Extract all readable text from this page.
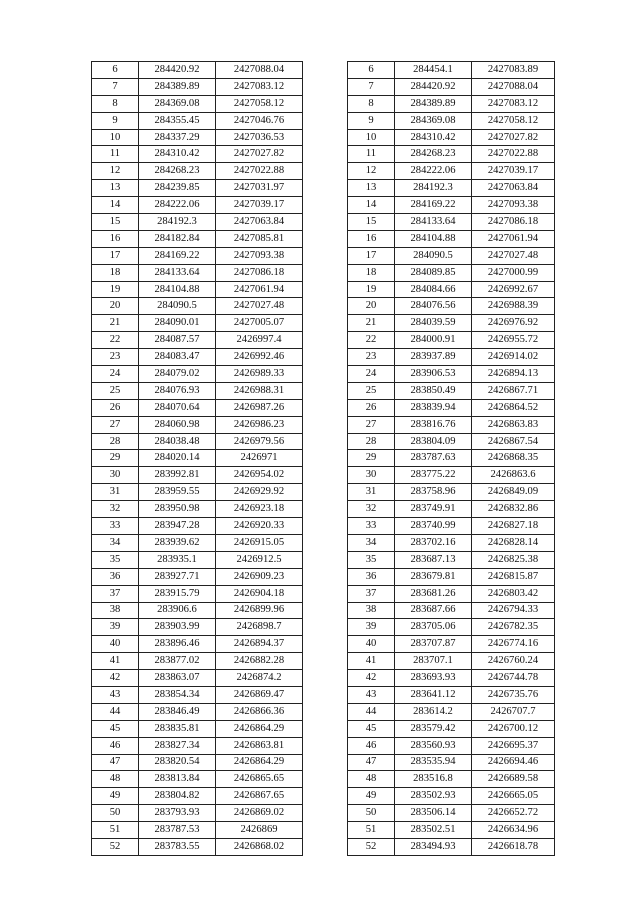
6	284420.92	2427088.04
7	284389.89	2427083.12
8	284369.08	2427058.12
9	284355.45	2427046.76
10	284337.29	2427036.53
11	284310.42	2427027.82
12	284268.23	2427022.88
13	284239.85	2427031.97
14	284222.06	2427039.17
15	284192.3	2427063.84
16	284182.84	2427085.81
17	284169.22	2427093.38
18	284133.64	2427086.18
19	284104.88	2427061.94
20	284090.5	2427027.48
21	284090.01	2427005.07
22	284087.57	2426997.4
23	284083.47	2426992.46
24	284079.02	2426989.33
25	284076.93	2426988.31
26	284070.64	2426987.26
27	284060.98	2426986.23
28	284038.48	2426979.56
29	284020.14	2426971
30	283992.81	2426954.02
31	283959.55	2426929.92
32	283950.98	2426923.18
33	283947.28	2426920.33
34	283939.62	2426915.05
35	283935.1	2426912.5
36	283927.71	2426909.23
37	283915.79	2426904.18
38	283906.6	2426899.96
39	283903.99	2426898.7
40	283896.46	2426894.37
41	283877.02	2426882.28
42	283863.07	2426874.2
43	283854.34	2426869.47
44	283846.49	2426866.36
45	283835.81	2426864.29
46	283827.34	2426863.81
47	283820.54	2426864.29
48	283813.84	2426865.65
49	283804.82	2426867.65
50	283793.93	2426869.02
51	283787.53	2426869
52	283783.55	2426868.02
6	284454.1	2427083.89
7	284420.92	2427088.04
8	284389.89	2427083.12
9	284369.08	2427058.12
10	284310.42	2427027.82
11	284268.23	2427022.88
12	284222.06	2427039.17
13	284192.3	2427063.84
14	284169.22	2427093.38
15	284133.64	2427086.18
16	284104.88	2427061.94
17	284090.5	2427027.48
18	284089.85	2427000.99
19	284084.66	2426992.67
20	284076.56	2426988.39
21	284039.59	2426976.92
22	284000.91	2426955.72
23	283937.89	2426914.02
24	283906.53	2426894.13
25	283850.49	2426867.71
26	283839.94	2426864.52
27	283816.76	2426863.83
28	283804.09	2426867.54
29	283787.63	2426868.35
30	283775.22	2426863.6
31	283758.96	2426849.09
32	283749.91	2426832.86
33	283740.99	2426827.18
34	283702.16	2426828.14
35	283687.13	2426825.38
36	283679.81	2426815.87
37	283681.26	2426803.42
38	283687.66	2426794.33
39	283705.06	2426782.35
40	283707.87	2426774.16
41	283707.1	2426760.24
42	283693.93	2426744.78
43	283641.12	2426735.76
44	283614.2	2426707.7
45	283579.42	2426700.12
46	283560.93	2426695.37
47	283535.94	2426694.46
48	283516.8	2426689.58
49	283502.93	2426665.05
50	283506.14	2426652.72
51	283502.51	2426634.96
52	283494.93	2426618.78
